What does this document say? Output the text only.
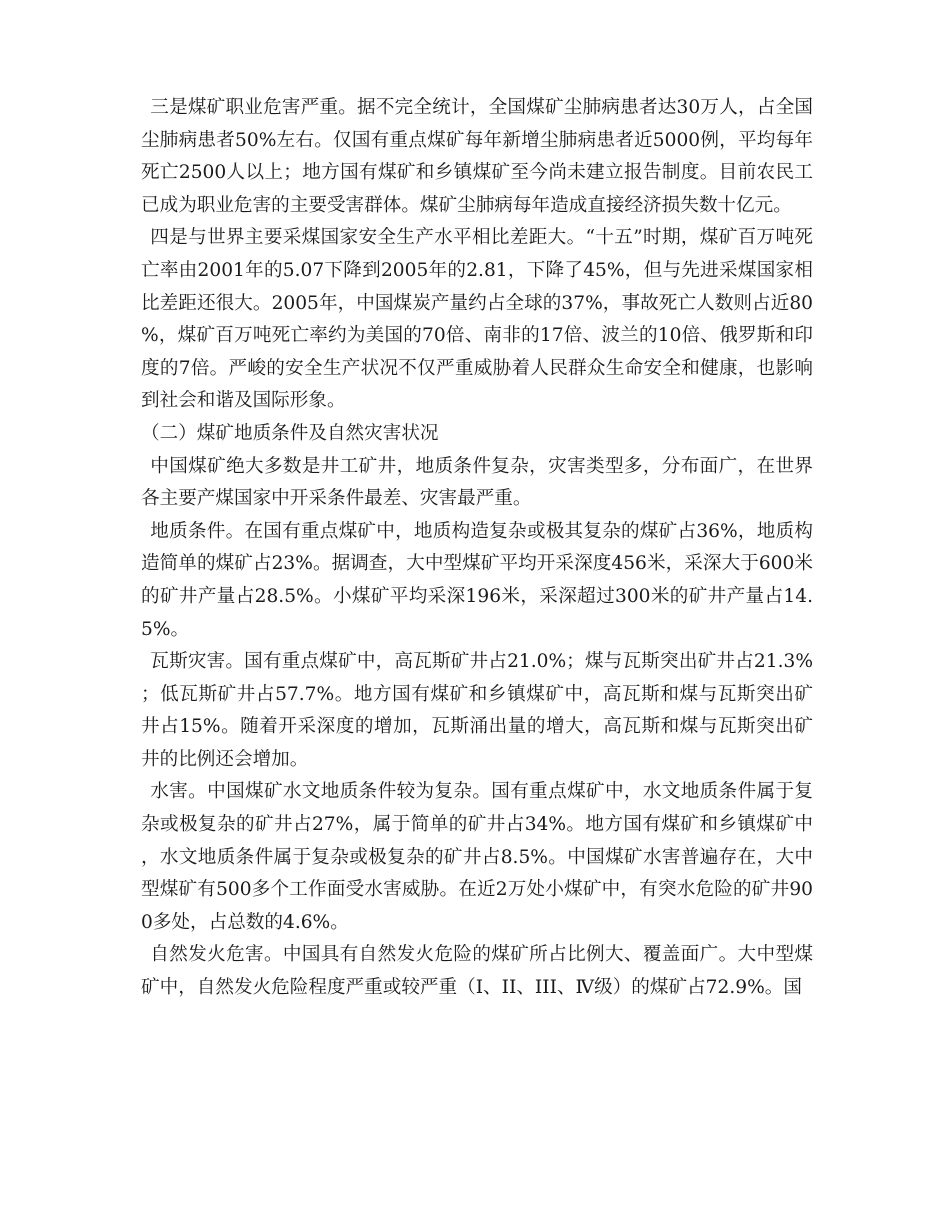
三是煤矿职业危害严重。据不完全统计，全国煤矿尘肺病患者达30万人，占全国尘肺病患者50%左右。仅国有重点煤矿每年新增尘肺病患者近5000例，平均每年死亡2500人以上；地方国有煤矿和乡镇煤矿至今尚未建立报告制度。目前农民工已成为职业危害的主要受害群体。煤矿尘肺病每年造成直接经济损失数十亿元。

四是与世界主要采煤国家安全生产水平相比差距大。“十五”时期，煤矿百万吨死亡率由2001年的5.07下降到2005年的2.81，下降了45%，但与先进采煤国家相比差距还很大。2005年，中国煤炭产量约占全球的37%，事故死亡人数则占近80%，煤矿百万吨死亡率约为美国的70倍、南非的17倍、波兰的10倍、俄罗斯和印度的7倍。严峻的安全生产状况不仅严重威胁着人民群众生命安全和健康，也影响到社会和谐及国际形象。

（二）煤矿地质条件及自然灾害状况

中国煤矿绝大多数是井工矿井，地质条件复杂，灾害类型多，分布面广，在世界各主要产煤国家中开采条件最差、灾害最严重。

地质条件。在国有重点煤矿中，地质构造复杂或极其复杂的煤矿占36%，地质构造简单的煤矿占23%。据调查，大中型煤矿平均开采深度456米，采深大于600米的矿井产量占28.5%。小煤矿平均采深196米，采深超过300米的矿井产量占14.5%。

瓦斯灾害。国有重点煤矿中，高瓦斯矿井占21.0%；煤与瓦斯突出矿井占21.3%；低瓦斯矿井占57.7%。地方国有煤矿和乡镇煤矿中，高瓦斯和煤与瓦斯突出矿井占15%。随着开采深度的增加，瓦斯涌出量的增大，高瓦斯和煤与瓦斯突出矿井的比例还会增加。

水害。中国煤矿水文地质条件较为复杂。国有重点煤矿中，水文地质条件属于复杂或极复杂的矿井占27%，属于简单的矿井占34%。地方国有煤矿和乡镇煤矿中，水文地质条件属于复杂或极复杂的矿井占8.5%。中国煤矿水害普遍存在，大中型煤矿有500多个工作面受水害威胁。在近2万处小煤矿中，有突水危险的矿井900多处，占总数的4.6%。

自然发火危害。中国具有自然发火危险的煤矿所占比例大、覆盖面广。大中型煤矿中，自然发火危险程度严重或较严重（Ⅰ、II、III、Ⅳ级）的煤矿占72.9%。国
